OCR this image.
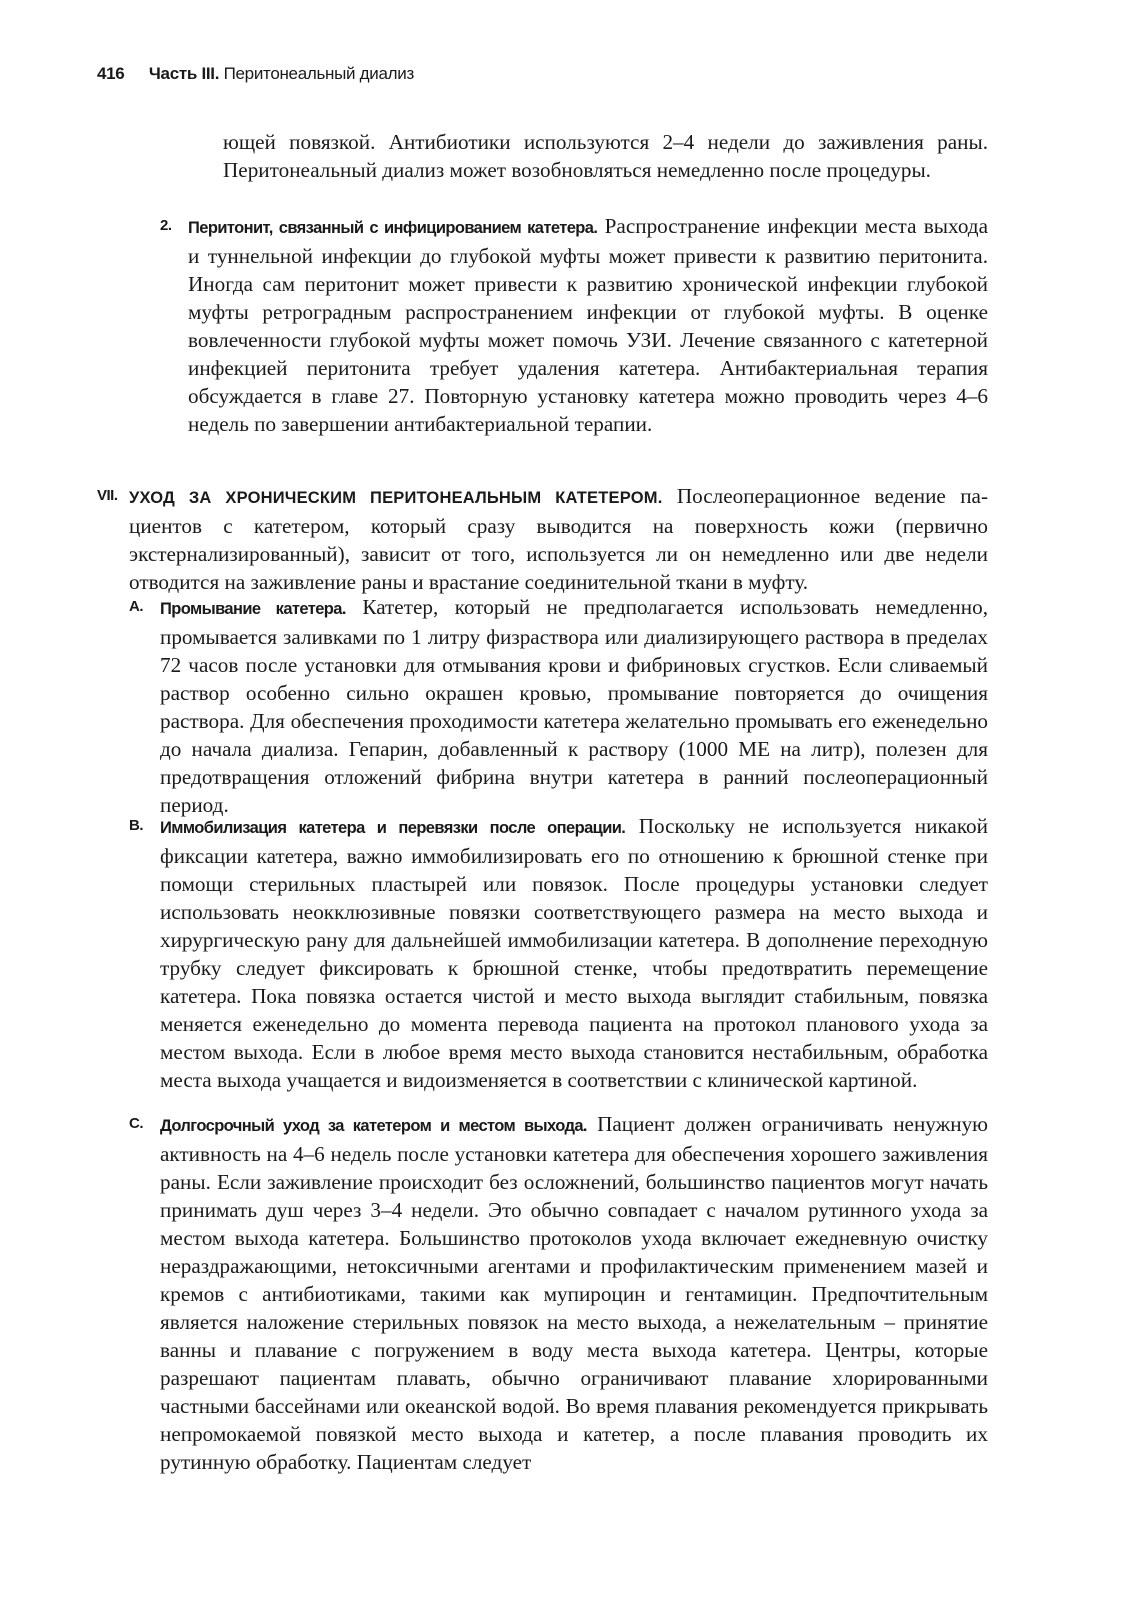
416 Часть III. Перитонеальный диализ
ющей повязкой. Антибиотики используются 2–4 недели до заживления раны. Перитонеальный диализ может возобновляться немедленно после процедуры.
2. Перитонит, связанный с инфицированием катетера. Распространение инфекции места выхода и туннельной инфекции до глубокой муфты может привести к развитию перитонита. Иногда сам перитонит может привести к развитию хронической инфекции глубокой муфты ретроградным распространением инфекции от глубокой муфты. В оценке вовлеченности глубокой муфты может помочь УЗИ. Лечение связанного с катетерной инфекцией перитонита требует удаления катетера. Антибактериальная терапия обсуждается в главе 27. Повторную установку катетера можно проводить через 4–6 недель по завершении антибактериальной терапии.
VII. УХОД ЗА ХРОНИЧЕСКИМ ПЕРИТОНЕАЛЬНЫМ КАТЕТЕРОМ. Послеоперационное ведение пациентов с катетером, который сразу выводится на поверхность кожи (первично экстернализированный), зависит от того, используется ли он немедленно или две недели отводится на заживление раны и врастание соединительной ткани в муфту.
A. Промывание катетера. Катетер, который не предполагается использовать немедленно, промывается заливками по 1 литру физраствора или диализирующего раствора в пределах 72 часов после установки для отмывания крови и фибриновых сгустков. Если сливаемый раствор особенно сильно окрашен кровью, промывание повторяется до очищения раствора. Для обеспечения проходимости катетера желательно промывать его еженедельно до начала диализа. Гепарин, добавленный к раствору (1000 МЕ на литр), полезен для предотвращения отложений фибрина внутри катетера в ранний послеоперационный период.
B. Иммобилизация катетера и перевязки после операции. Поскольку не используется никакой фиксации катетера, важно иммобилизировать его по отношению к брюшной стенке при помощи стерильных пластырей или повязок. После процедуры установки следует использовать неокклюзивные повязки соответствующего размера на место выхода и хирургическую рану для дальнейшей иммобилизации катетера. В дополнение переходную трубку следует фиксировать к брюшной стенке, чтобы предотвратить перемещение катетера. Пока повязка остается чистой и место выхода выглядит стабильным, повязка меняется еженедельно до момента перевода пациента на протокол планового ухода за местом выхода. Если в любое время место выхода становится нестабильным, обработка места выхода учащается и видоизменяется в соответствии с клинической картиной.
C. Долгосрочный уход за катетером и местом выхода. Пациент должен ограничивать ненужную активность на 4–6 недель после установки катетера для обеспечения хорошего заживления раны. Если заживление происходит без осложнений, большинство пациентов могут начать принимать душ через 3–4 недели. Это обычно совпадает с началом рутинного ухода за местом выхода катетера. Большинство протоколов ухода включает ежедневную очистку нераздражающими, нетоксичными агентами и профилактическим применением мазей и кремов с антибиотиками, такими как мупироцин и гентамицин. Предпочтительным является наложение стерильных повязок на место выхода, а нежелательным – принятие ванны и плавание с погружением в воду места выхода катетера. Центры, которые разрешают пациентам плавать, обычно ограничивают плавание хлорированными частными бассейнами или океанской водой. Во время плавания рекомендуется прикрывать непромокаемой повязкой место выхода и катетер, а после плавания проводить их рутинную обработку. Пациентам следует
